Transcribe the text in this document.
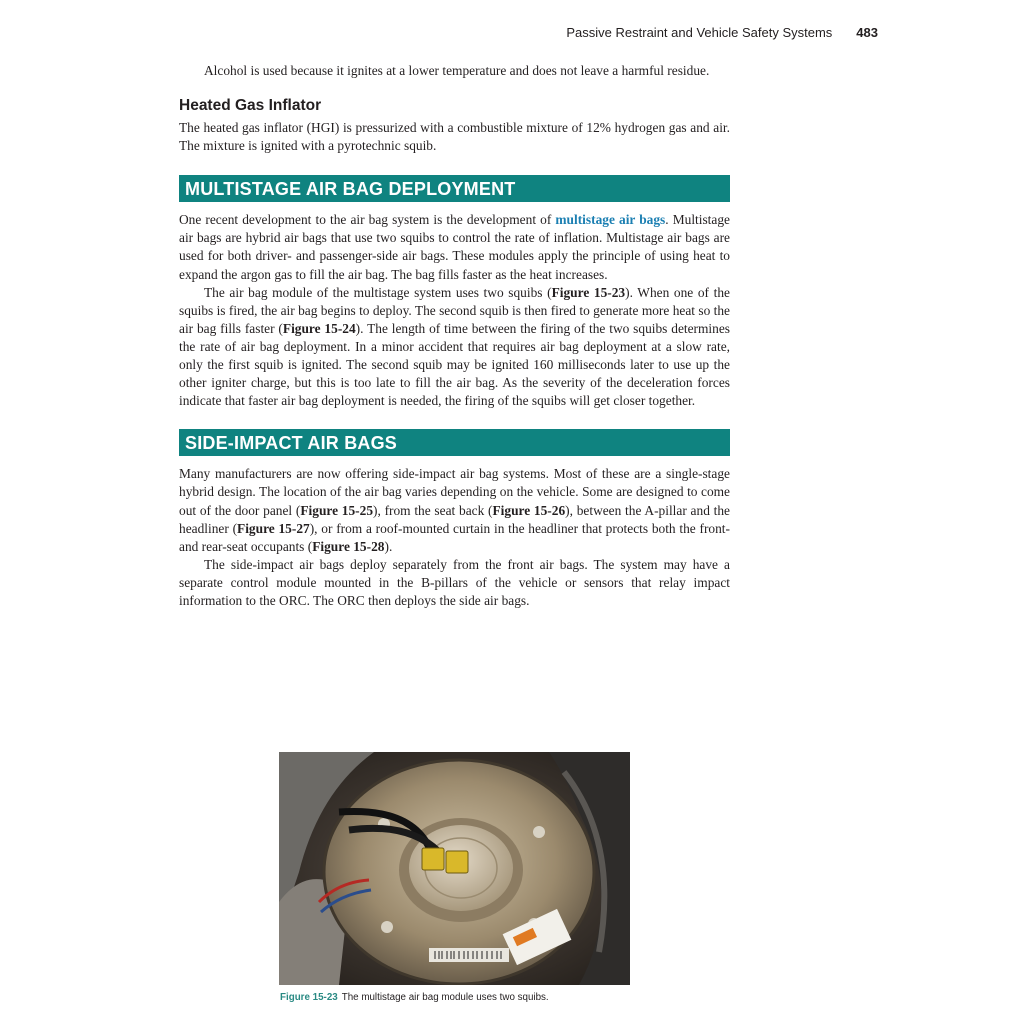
Passive Restraint and Vehicle Safety Systems 483

Alcohol is used because it ignites at a lower temperature and does not leave a harmful residue.

Heated Gas Inflator

The heated gas inflator (HGI) is pressurized with a combustible mixture of 12% hydrogen gas and air. The mixture is ignited with a pyrotechnic squib.

MULTISTAGE AIR BAG DEPLOYMENT

One recent development to the air bag system is the development of multistage air bags. Multistage air bags are hybrid air bags that use two squibs to control the rate of inflation. Multistage air bags are used for both driver- and passenger-side air bags. These modules apply the principle of using heat to expand the argon gas to fill the air bag. The bag fills faster as the heat increases.

The air bag module of the multistage system uses two squibs (Figure 15-23). When one of the squibs is fired, the air bag begins to deploy. The second squib is then fired to generate more heat so the air bag fills faster (Figure 15-24). The length of time between the firing of the two squibs determines the rate of air bag deployment. In a minor accident that requires air bag deployment at a slow rate, only the first squib is ignited. The second squib may be ignited 160 milliseconds later to use up the other igniter charge, but this is too late to fill the air bag. As the severity of the deceleration forces indicate that faster air bag deployment is needed, the firing of the squibs will get closer together.

SIDE-IMPACT AIR BAGS

Many manufacturers are now offering side-impact air bag systems. Most of these are a single-stage hybrid design. The location of the air bag varies depending on the vehicle. Some are designed to come out of the door panel (Figure 15-25), from the seat back (Figure 15-26), between the A-pillar and the headliner (Figure 15-27), or from a roof-mounted curtain in the headliner that protects both the front- and rear-seat occupants (Figure 15-28).

The side-impact air bags deploy separately from the front air bags. The system may have a separate control module mounted in the B-pillars of the vehicle or sensors that relay impact information to the ORC. The ORC then deploys the side air bags.

Figure 15-23 The multistage air bag module uses two squibs.
